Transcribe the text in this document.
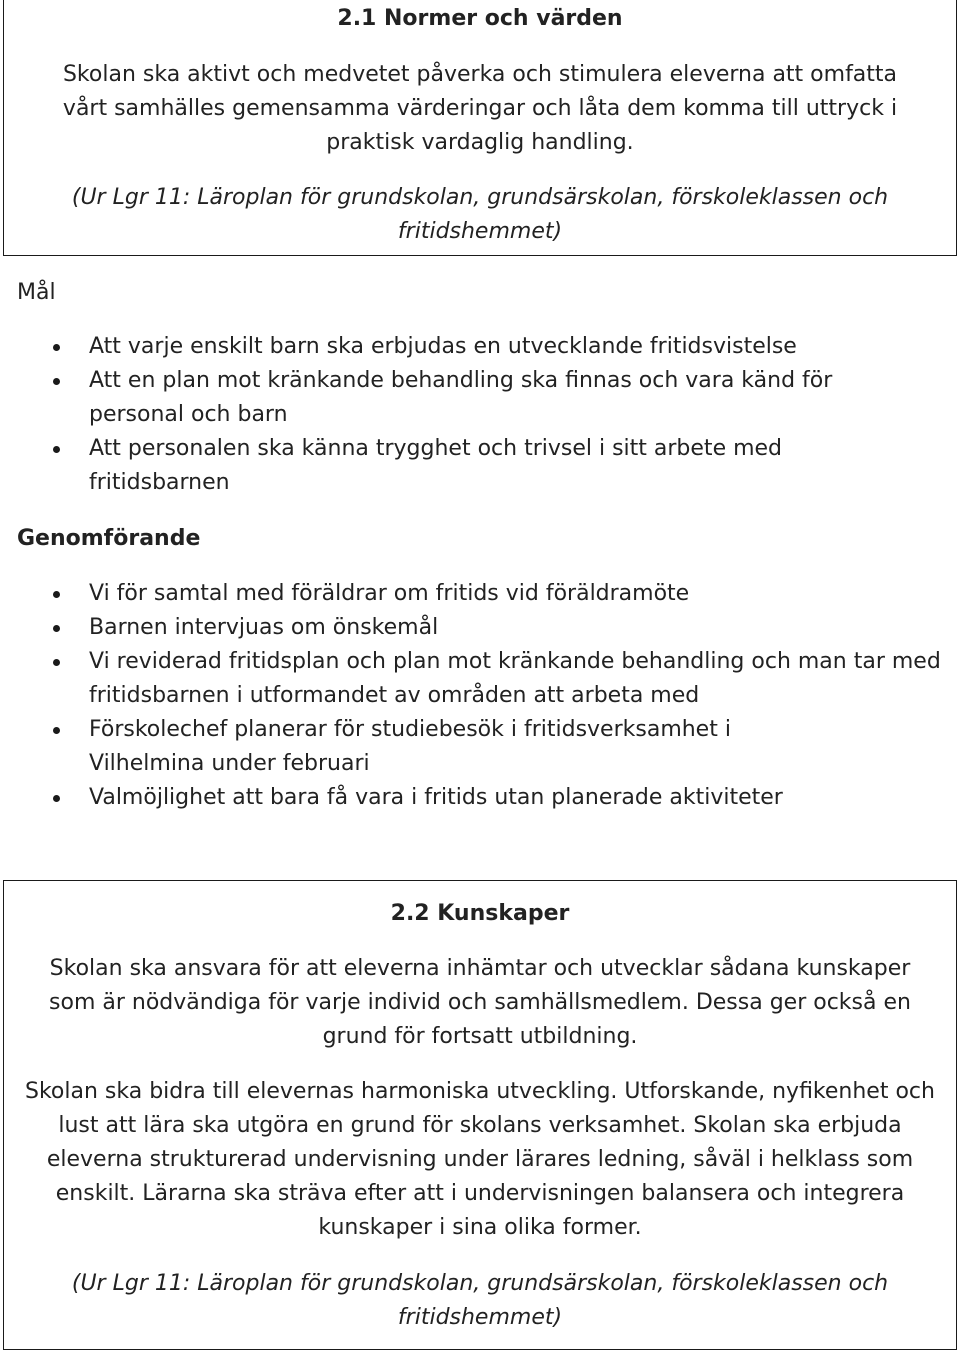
2.1 Normer och värden

Skolan ska aktivt och medvetet påverka och stimulera eleverna att omfatta vårt samhälles gemensamma värderingar och låta dem komma till uttryck i praktisk vardaglig handling.

(Ur Lgr 11: Läroplan för grundskolan, grundsärskolan, förskoleklassen och fritidshemmet)

Mål

Att varje enskilt barn ska erbjudas en utvecklande fritidsvistelse
Att en plan mot kränkande behandling ska finnas och vara känd för personal och barn
Att personalen ska känna trygghet och trivsel i sitt arbete med fritidsbarnen

Genomförande

Vi för samtal med föräldrar om fritids vid föräldramöte
Barnen intervjuas om önskemål
Vi reviderad fritidsplan och plan mot kränkande behandling och man tar med fritidsbarnen i utformandet av områden att arbeta med
Förskolechef planerar för studiebesök i fritidsverksamhet i Vilhelmina under februari
Valmöjlighet att bara få vara i fritids utan planerade aktiviteter

2.2 Kunskaper

Skolan ska ansvara för att eleverna inhämtar och utvecklar sådana kunskaper som är nödvändiga för varje individ och samhällsmedlem. Dessa ger också en grund för fortsatt utbildning.

Skolan ska bidra till elevernas harmoniska utveckling. Utforskande, nyfikenhet och lust att lära ska utgöra en grund för skolans verksamhet. Skolan ska erbjuda eleverna strukturerad undervisning under lärares ledning, såväl i helklass som enskilt. Lärarna ska sträva efter att i undervisningen balansera och integrera kunskaper i sina olika former.

(Ur Lgr 11: Läroplan för grundskolan, grundsärskolan, förskoleklassen och fritidshemmet)
